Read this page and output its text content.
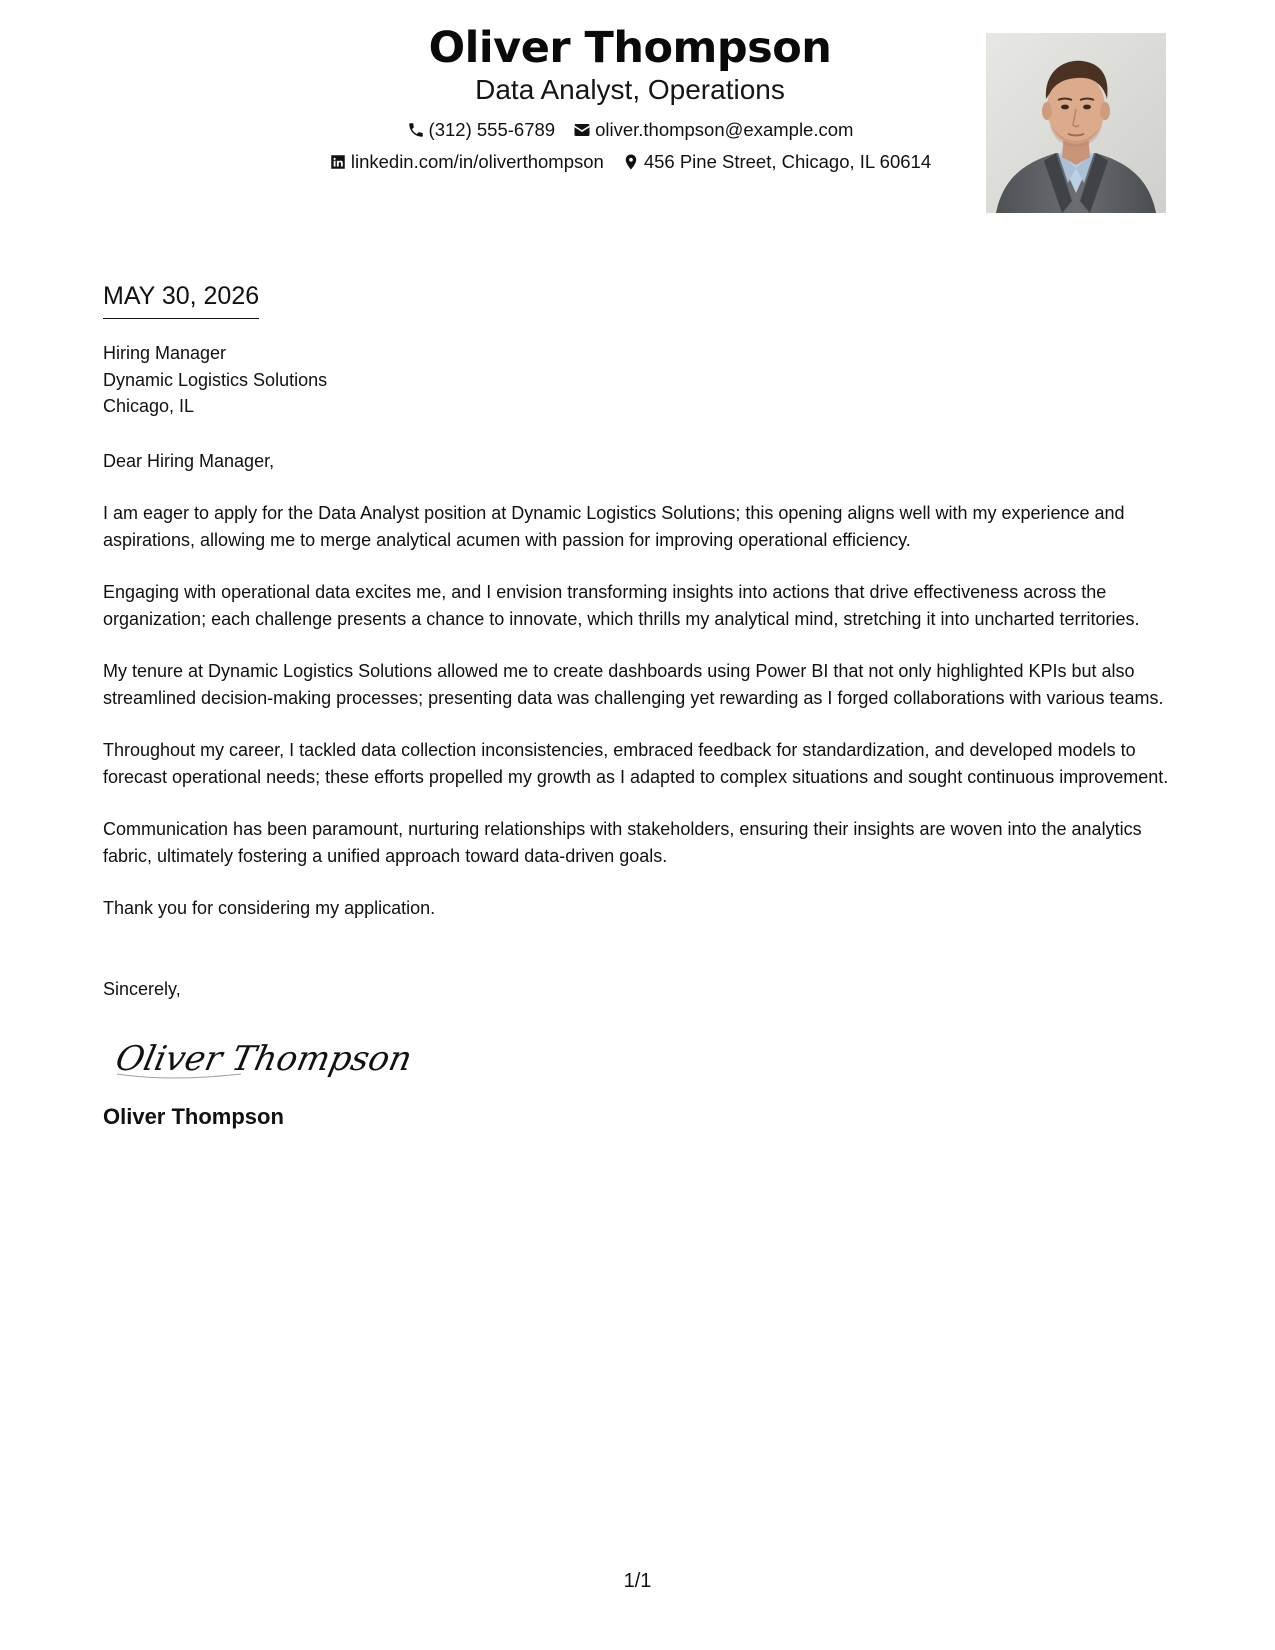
Oliver Thompson
Data Analyst, Operations
(312) 555-6789 oliver.thompson@example.com
linkedin.com/in/oliverthompson 456 Pine Street, Chicago, IL 60614
MAY 30, 2026
Hiring Manager
Dynamic Logistics Solutions
Chicago, IL
Dear Hiring Manager,

I am eager to apply for the Data Analyst position at Dynamic Logistics Solutions; this opening aligns well with my experience and aspirations, allowing me to merge analytical acumen with passion for improving operational efficiency.

Engaging with operational data excites me, and I envision transforming insights into actions that drive effectiveness across the organization; each challenge presents a chance to innovate, which thrills my analytical mind, stretching it into uncharted territories.

My tenure at Dynamic Logistics Solutions allowed me to create dashboards using Power BI that not only highlighted KPIs but also streamlined decision-making processes; presenting data was challenging yet rewarding as I forged collaborations with various teams.

Throughout my career, I tackled data collection inconsistencies, embraced feedback for standardization, and developed models to forecast operational needs; these efforts propelled my growth as I adapted to complex situations and sought continuous improvement.

Communication has been paramount, nurturing relationships with stakeholders, ensuring their insights are woven into the analytics fabric, ultimately fostering a unified approach toward data-driven goals.

Thank you for considering my application.

Sincerely,
Oliver Thompson
Oliver Thompson
1/1
